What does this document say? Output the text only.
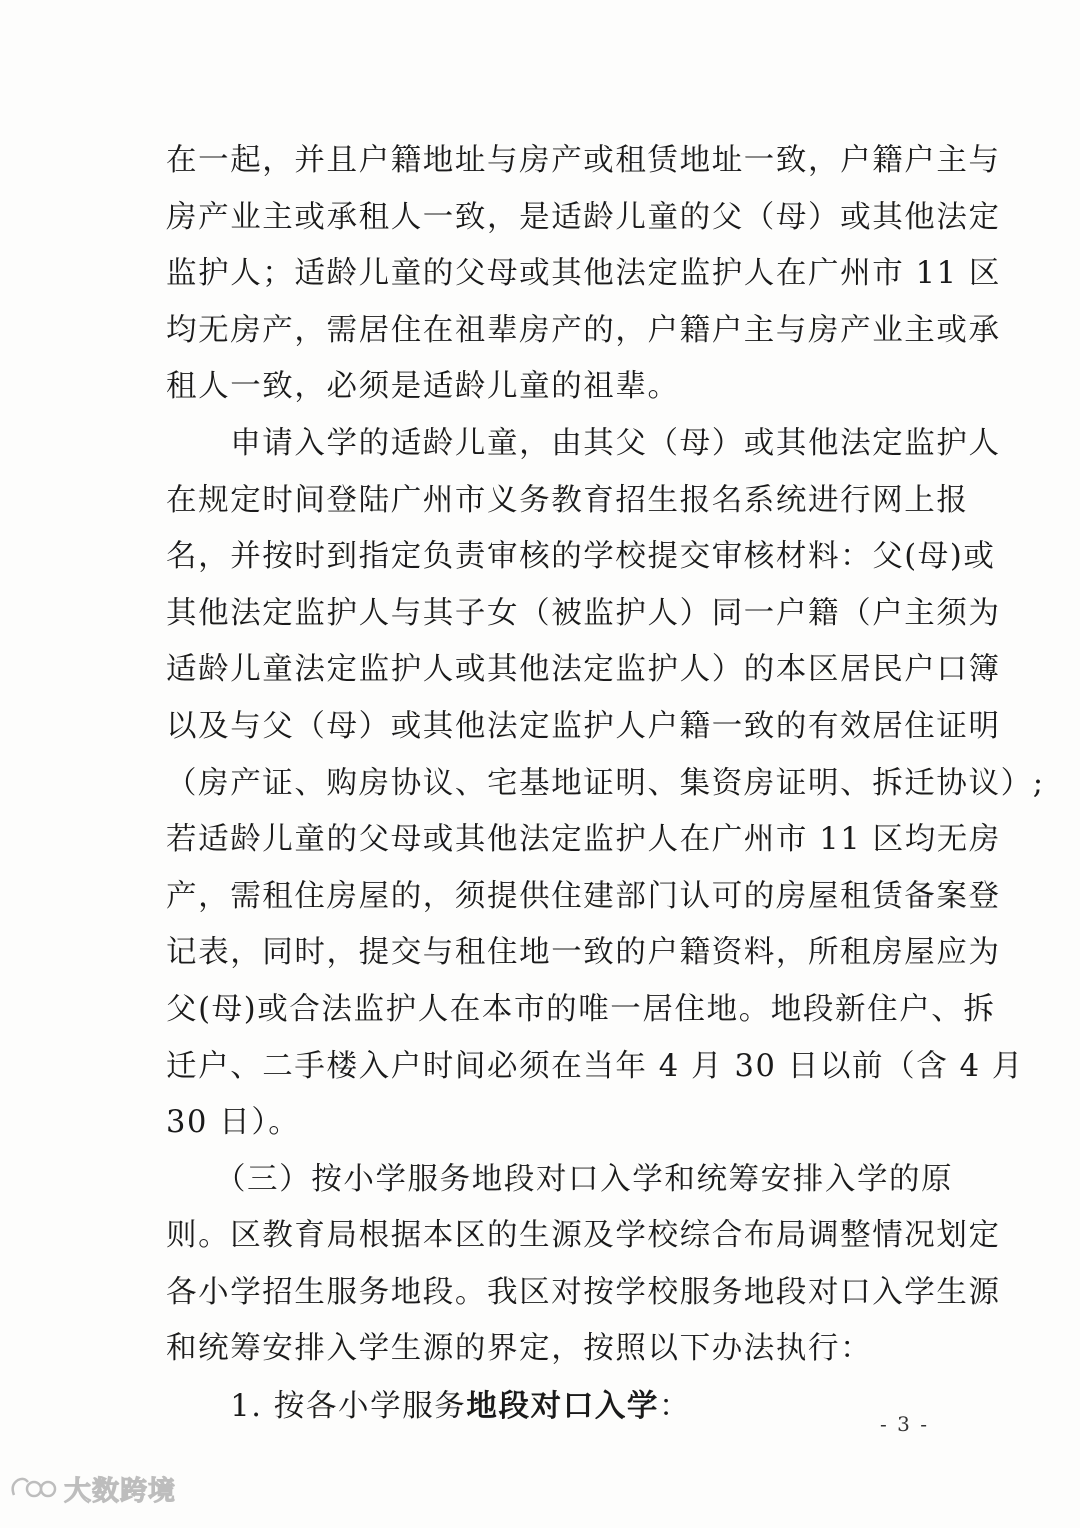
在一起，并且户籍地址与房产或租赁地址一致，户籍户主与
房产业主或承租人一致，是适龄儿童的父（母）或其他法定
监护人；适龄儿童的父母或其他法定监护人在广州市 11 区
均无房产，需居住在祖辈房产的，户籍户主与房产业主或承
租人一致，必须是适龄儿童的祖辈。
　　申请入学的适龄儿童，由其父（母）或其他法定监护人
在规定时间登陆广州市义务教育招生报名系统进行网上报
名，并按时到指定负责审核的学校提交审核材料：父(母)或
其他法定监护人与其子女（被监护人）同一户籍（户主须为
适龄儿童法定监护人或其他法定监护人）的本区居民户口簿
以及与父（母）或其他法定监护人户籍一致的有效居住证明
（房产证、购房协议、宅基地证明、集资房证明、拆迁协议）;
若适龄儿童的父母或其他法定监护人在广州市 11 区均无房
产，需租住房屋的，须提供住建部门认可的房屋租赁备案登
记表，同时，提交与租住地一致的户籍资料，所租房屋应为
父(母)或合法监护人在本市的唯一居住地。地段新住户、拆
迁户、二手楼入户时间必须在当年 4 月 30 日以前（含 4 月
30 日）。
　　（三）按小学服务地段对口入学和统筹安排入学的原
则。区教育局根据本区的生源及学校综合布局调整情况划定
各小学招生服务地段。我区对按学校服务地段对口入学生源
和统筹安排入学生源的界定，按照以下办法执行：
　　1. 按各小学服务地段对口入学：	- 3 -
大数跨境
